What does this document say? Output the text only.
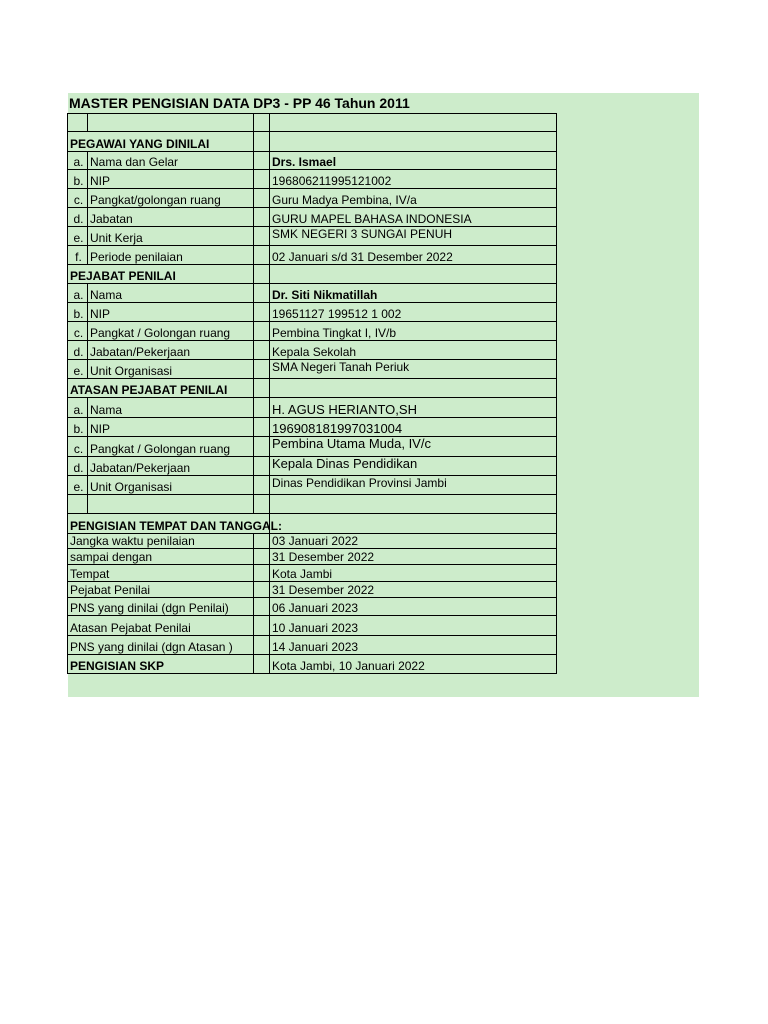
MASTER PENGISIAN DATA DP3 - PP 46 Tahun 2011

PEGAWAI YANG DINILAI			
a.	Nama dan Gelar		Drs. Ismael
b.	NIP		196806211995121002
c.	Pangkat/golongan ruang		Guru Madya Pembina, IV/a
d.	Jabatan		GURU MAPEL BAHASA INDONESIA
e.	Unit Kerja		SMK NEGERI 3 SUNGAI PENUH
f.	Periode penilaian		02 Januari s/d 31 Desember 2022
PEJABAT PENILAI			
a.	Nama		Dr. Siti Nikmatillah
b.	NIP		19651127 199512 1 002
c.	Pangkat / Golongan ruang		Pembina Tingkat I, IV/b
d.	Jabatan/Pekerjaan		Kepala Sekolah
e.	Unit Organisasi		SMA Negeri Tanah Periuk
ATASAN PEJABAT PENILAI			
a.	Nama		H. AGUS HERIANTO,SH
b.	NIP		196908181997031004
c.	Pangkat / Golongan ruang		Pembina Utama Muda, IV/c
d.	Jabatan/Pekerjaan		Kepala Dinas Pendidikan
e.	Unit Organisasi		Dinas Pendidikan Provinsi Jambi

PENGISIAN TEMPAT DAN TANGGAL:			
Jangka waktu penilaian			03 Januari 2022
sampai dengan			31 Desember 2022
Tempat			Kota Jambi
Pejabat Penilai			31 Desember 2022
PNS yang dinilai (dgn Penilai)			06 Januari 2023
Atasan Pejabat Penilai			10 Januari 2023
PNS yang dinilai (dgn Atasan )			14 Januari 2023
PENGISIAN SKP			Kota Jambi, 10 Januari 2022
